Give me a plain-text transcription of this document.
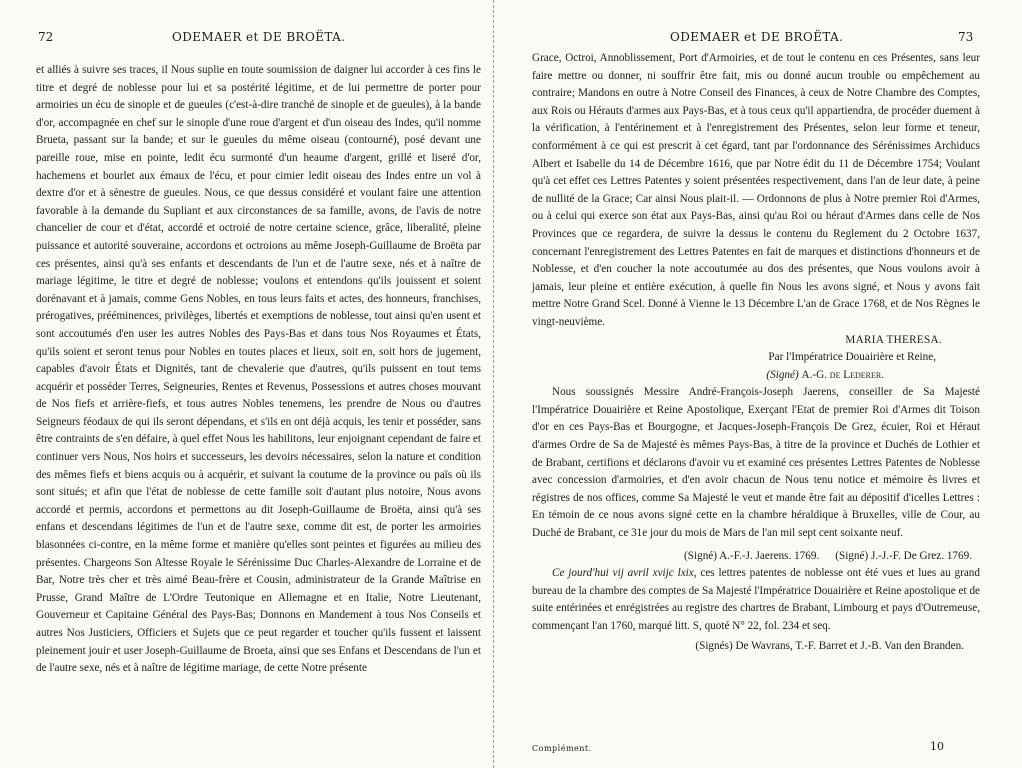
72	ODEMAER et DE BROËTA.

et alliés à suivre ses traces, il Nous suplie en toute soumission de daigner lui accorder à ces fins le titre et degré de noblesse pour lui et sa postérité légitime, et de lui permettre de porter pour armoiries un écu de sinople et de gueules (c'est-à-dire tranché de sinople et de gueules), à la bande d'or, accompagnée en chef sur le sinople d'une roue d'argent et d'un oiseau des Indes, qu'il nomme Brueta, passant sur la bande; et sur le gueules du même oiseau (contourné), posé devant une pareille roue, mise en pointe, ledit écu surmonté d'un heaume d'argent, grillé et liseré d'or, hachemens et bourlet aux émaux de l'écu, et pour cimier ledit oiseau des Indes entre un vol à dextre d'or et à sénestre de gueules. Nous, ce que dessus considéré et voulant faire une attention favorable à la demande du Supliant et aux circonstances de sa famille, avons, de l'avis de notre chancelier de cour et d'état, accordé et octroié de notre certaine science, grâce, liberalité, pleine puissance et autorité souveraine, accordons et octroions au même Joseph-Guillaume de Broëta par ces présentes, ainsi qu'à ses enfants et descendants de l'un et de l'autre sexe, nés et à naître de mariage légitime, le titre et degré de noblesse; voulons et entendons qu'ils jouissent et soient dorénavant et à jamais, comme Gens Nobles, en tous leurs faits et actes, des honneurs, franchises, prérogatives, prééminences, privilèges, libertés et exemptions de noblesse, tout ainsi qu'en usent et sont accoutumés d'en user les autres Nobles des Pays-Bas et dans tous Nos Royaumes et États, qu'ils soient et seront tenus pour Nobles en toutes places et lieux, soit en, soit hors de jugement, capables d'avoir États et Dignités, tant de chevalerie que d'autres, qu'ils puissent en tout tems acquérir et posséder Terres, Seigneuries, Rentes et Revenus, Possessions et autres choses mouvant de Nos fiefs et arrière-fiefs, et tous autres Nobles tenemens, les prendre de Nous ou d'autres Seigneurs féodaux de qui ils seront dépendans, et s'ils en ont déjà acquis, les tenir et posséder, sans être contraints de s'en défaire, à quel effet Nous les habilitons, leur enjoignant cependant de faire et continuer vers Nous, Nos hoirs et successeurs, les devoirs nécessaires, selon la nature et condition des mêmes fiefs et biens acquis ou à acquérir, et suivant la coutume de la province ou païs où ils sont situés; et afin que l'état de noblesse de cette famille soit d'autant plus notoire, Nous avons accordé et permis, accordons et permettons au dit Joseph-Guillaume de Broëta, ainsi qu'à ses enfans et descendans légitimes de l'un et de l'autre sexe, comme dit est, de porter les armoiries blasonnées ci-contre, en la même forme et manière qu'elles sont peintes et figurées au milieu des présentes. Chargeons Son Altesse Royale le Sérénissime Duc Charles-Alexandre de Lorraine et de Bar, Notre très cher et très aimé Beau-frère et Cousin, administrateur de la Grande Maîtrise en Prusse, Grand Maître de L'Ordre Teutonique en Allemagne et en Italie, Notre Lieutenant, Gouverneur et Capitaine Général des Pays-Bas; Donnons en Mandement à tous Nos Conseils et autres Nos Justiciers, Officiers et Sujets que ce peut regarder et toucher qu'ils fussent et laissent pleinement jouir et user Joseph-Guillaume de Broeta, ainsi que ses Enfans et Descendans de l'un et de l'autre sexe, nés et à naître de légitime mariage, de cette Notre présente

ODEMAER et DE BROËTA.	73

Grace, Octroi, Annoblissement, Port d'Armoiries, et de tout le contenu en ces Présentes, sans leur faire mettre ou donner, ni souffrir être fait, mis ou donné aucun trouble ou empêchement au contraire; Mandons en outre à Notre Conseil des Finances, à ceux de Notre Chambre des Comptes, aux Rois ou Hérauts d'armes aux Pays-Bas, et à tous ceux qu'il appartiendra, de procéder duement à la vérification, à l'entérinement et à l'enregistrement des Présentes, selon leur forme et teneur, conformément à ce qui est prescrit à cet égard, tant par l'ordonnance des Sérénissimes Archiducs Albert et Isabelle du 14 de Décembre 1616, que par Notre édit du 11 de Décembre 1754; Voulant qu'à cet effet ces Lettres Patentes y soient présentées respectivement, dans l'an de leur date, à peine de nullité de la Grace; Car ainsi Nous plait-il. — Ordonnons de plus à Notre premier Roi d'Armes, ou à celui qui exerce son état aux Pays-Bas, ainsi qu'au Roi ou héraut d'Armes dans celle de Nos Provinces que ce regardera, de suivre la dessus le contenu du Reglement du 2 Octobre 1637, concernant l'enregistrement des Lettres Patentes en fait de marques et distinctions d'honneurs et de Noblesse, et d'en coucher la note accoutumée au dos des présentes, que Nous voulons avoir à jamais, leur pleine et entière exécution, à quelle fin Nous les avons signé, et Nous y avons fait mettre Notre Grand Scel. Donné à Vienne le 13 Décembre L'an de Grace 1768, et de Nos Règnes le vingt-neuvième.

MARIA THERESA.
Par l'Impératrice Douairière et Reine,
(Signé) A.-G. de Lederer.

Nous soussignés Messire André-François-Joseph Jaerens, conseiller de Sa Majesté l'Impératrice Douairière et Reine Apostolique, Exerçant l'Etat de premier Roi d'Armes dit Toison d'or en ces Pays-Bas et Bourgogne, et Jacques-Joseph-François De Grez, écuier, Roi et Héraut d'armes Ordre de Sa de Majesté ès mêmes Pays-Bas, à titre de la province et Duchés de Lothier et de Brabant, certifions et déclarons d'avoir vu et examiné ces présentes Lettres Patentes de Noblesse avec concession d'armoiries, et d'en avoir chacun de Nous tenu notice et mémoire ès livres et régistres de nos offices, comme Sa Majesté le veut et mande être fait au dépositif d'icelles Lettres : En témoin de ce nous avons signé cette en la chambre héraldique à Bruxelles, ville de Cour, au Duché de Brabant, ce 31e jour du mois de Mars de l'an mil sept cent soixante neuf.

(Signé) A.-F.-J. Jaerens. 1769. (Signé) J.-J.-F. De Grez. 1769.

Ce jourd'hui vij avril xvijc lxix, ces lettres patentes de noblesse ont été vues et lues au grand bureau de la chambre des comptes de Sa Majesté l'Impératrice Douairière et Reine apostolique et de suite entérinées et enrégistrées au registre des chartres de Brabant, Limbourg et pays d'Outremeuse, commençant l'an 1760, marqué litt. S, quoté N° 22, fol. 234 et seq.

(Signés) De Wavrans, T.-F. Barret et J.-B. Van den Branden.
Complément.	10
